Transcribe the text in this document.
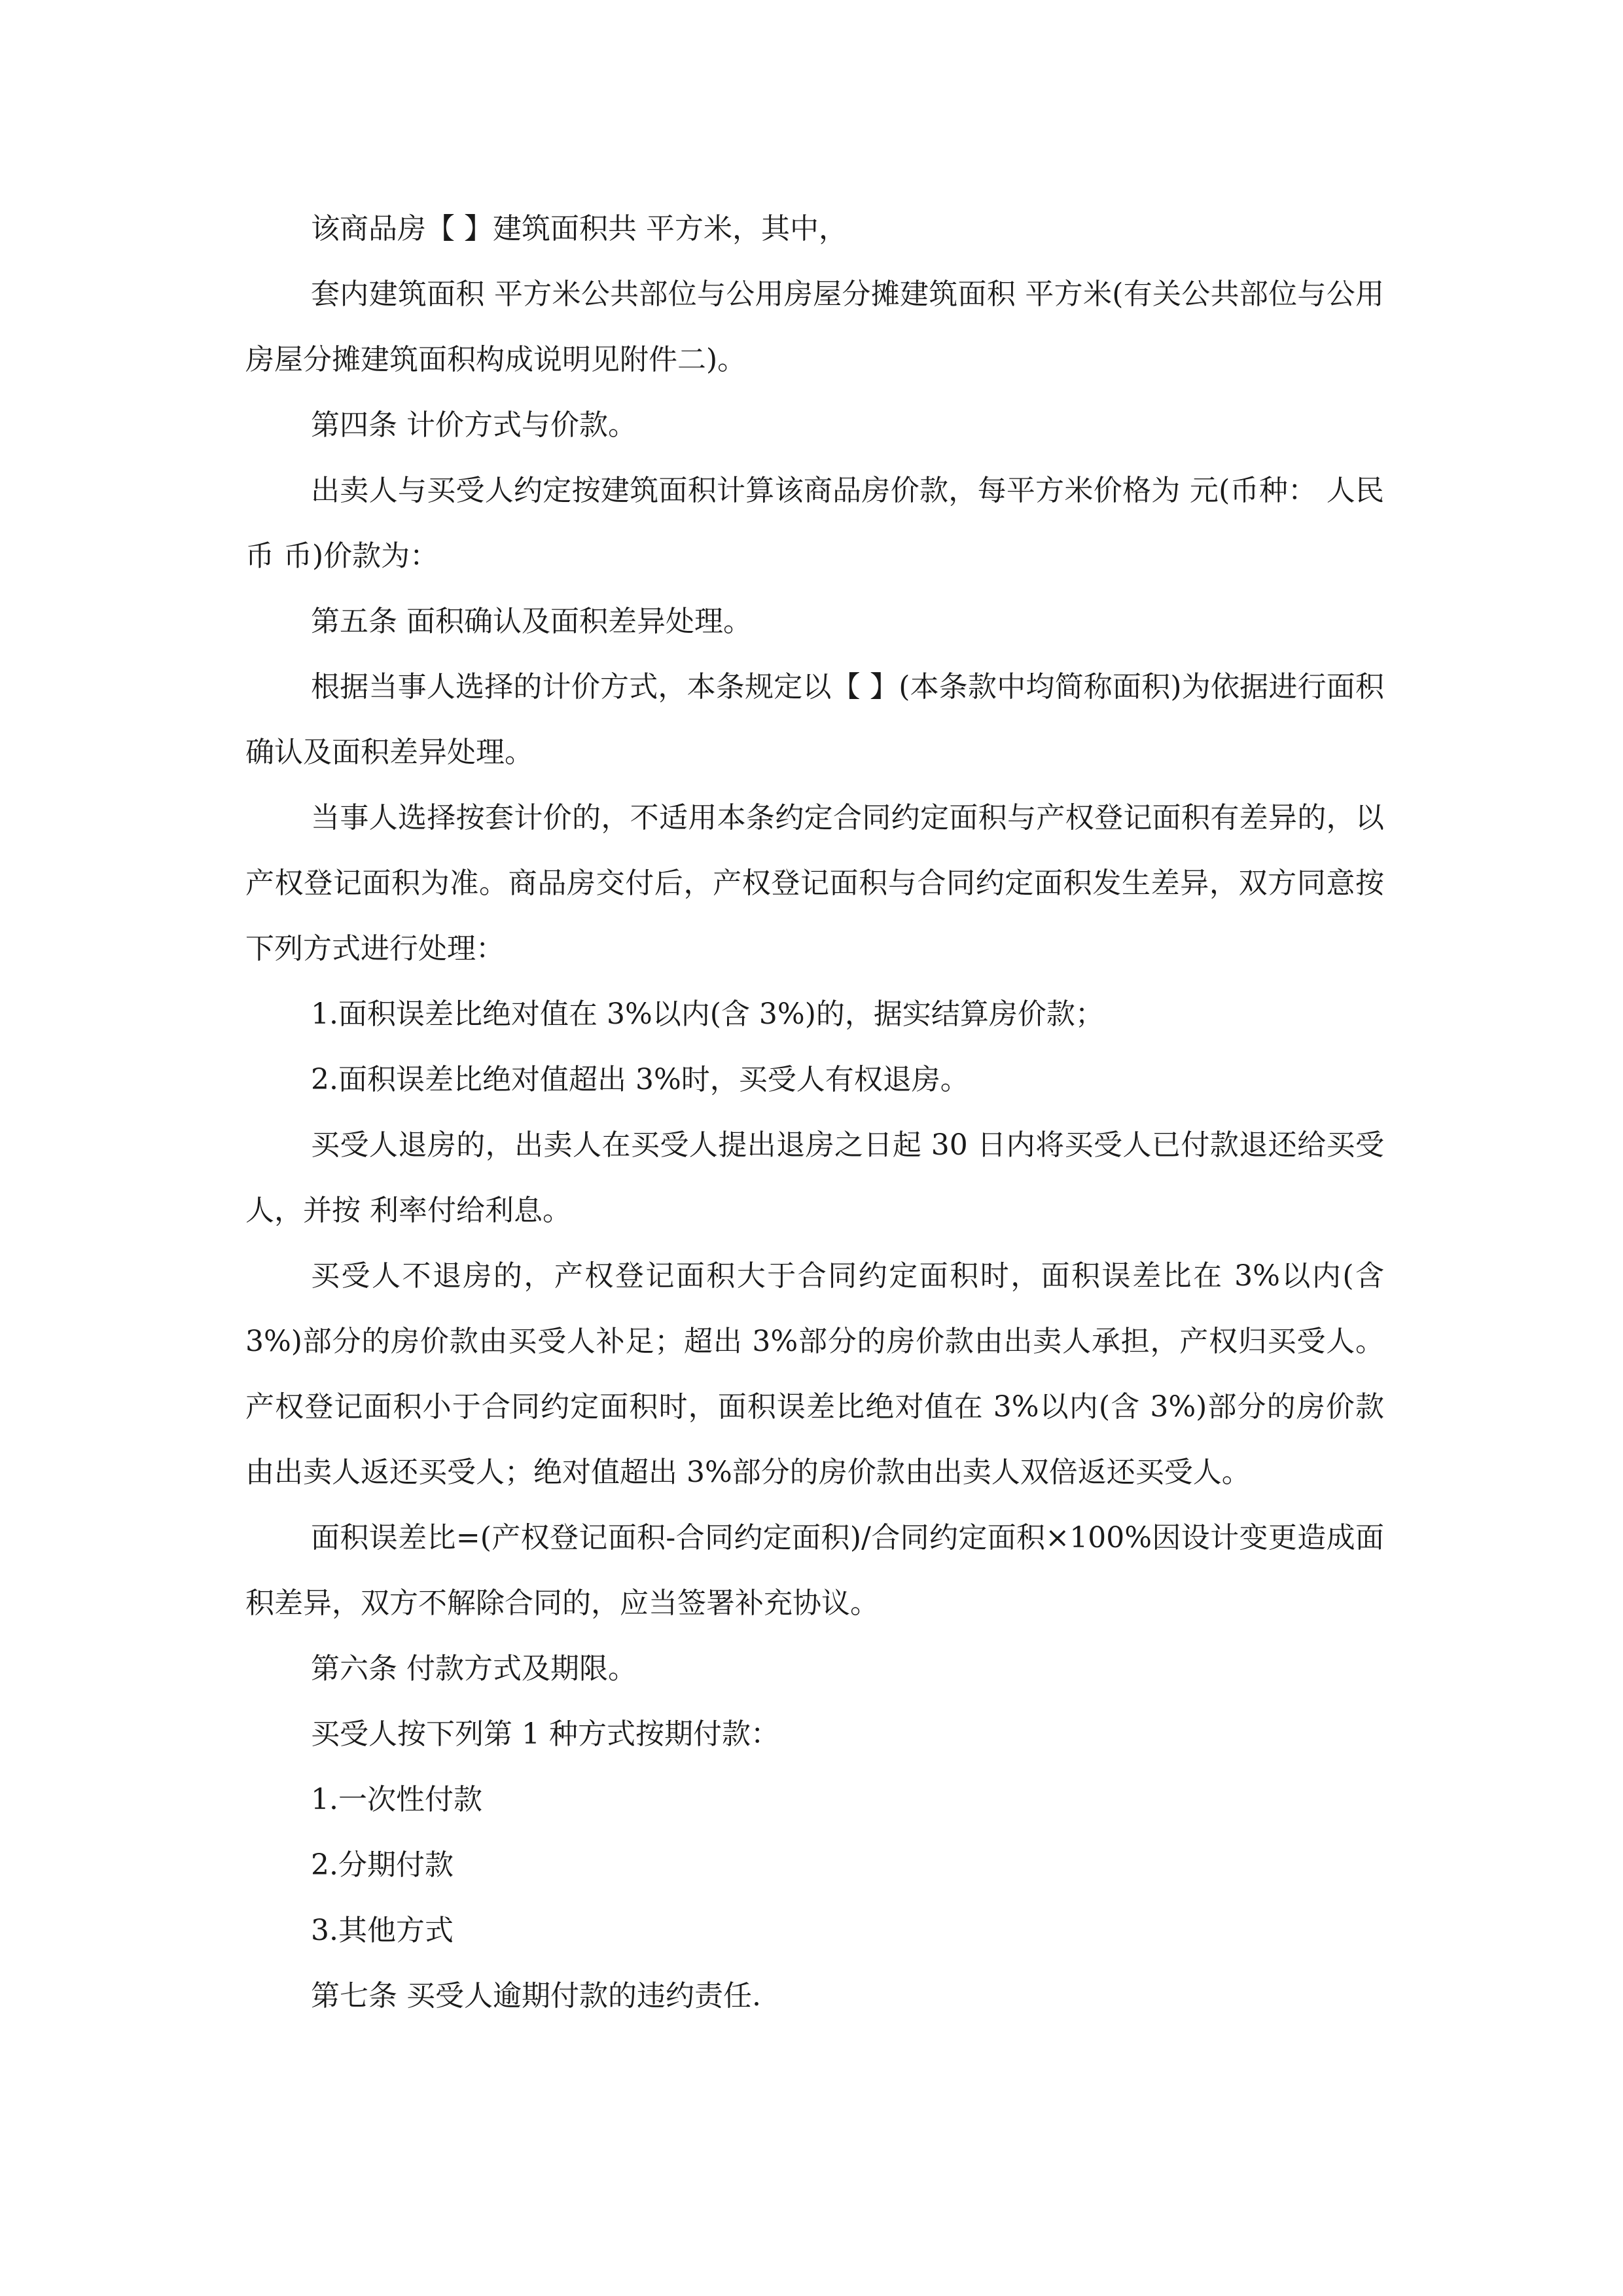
该商品房【 】建筑面积共 平方米，其中，

套内建筑面积 平方米公共部位与公用房屋分摊建筑面积 平方米(有关公共部位与公用房屋分摊建筑面积构成说明见附件二)。

第四条 计价方式与价款。

出卖人与买受人约定按建筑面积计算该商品房价款，每平方米价格为 元(币种： 人民币 币)价款为：

第五条 面积确认及面积差异处理。

根据当事人选择的计价方式，本条规定以【 】(本条款中均简称面积)为依据进行面积确认及面积差异处理。

当事人选择按套计价的，不适用本条约定合同约定面积与产权登记面积有差异的，以产权登记面积为准。商品房交付后，产权登记面积与合同约定面积发生差异，双方同意按下列方式进行处理：

1.面积误差比绝对值在 3%以内(含 3%)的，据实结算房价款；

2.面积误差比绝对值超出 3%时，买受人有权退房。

买受人退房的，出卖人在买受人提出退房之日起 30 日内将买受人已付款退还给买受人，并按 利率付给利息。

买受人不退房的，产权登记面积大于合同约定面积时，面积误差比在 3%以内(含 3%)部分的房价款由买受人补足；超出 3%部分的房价款由出卖人承担，产权归买受人。产权登记面积小于合同约定面积时，面积误差比绝对值在 3%以内(含 3%)部分的房价款由出卖人返还买受人；绝对值超出 3%部分的房价款由出卖人双倍返还买受人。

面积误差比=(产权登记面积-合同约定面积)/合同约定面积×100%因设计变更造成面积差异，双方不解除合同的，应当签署补充协议。

第六条 付款方式及期限。

买受人按下列第 1 种方式按期付款：

1.一次性付款

2.分期付款

3.其他方式

第七条 买受人逾期付款的违约责任.
